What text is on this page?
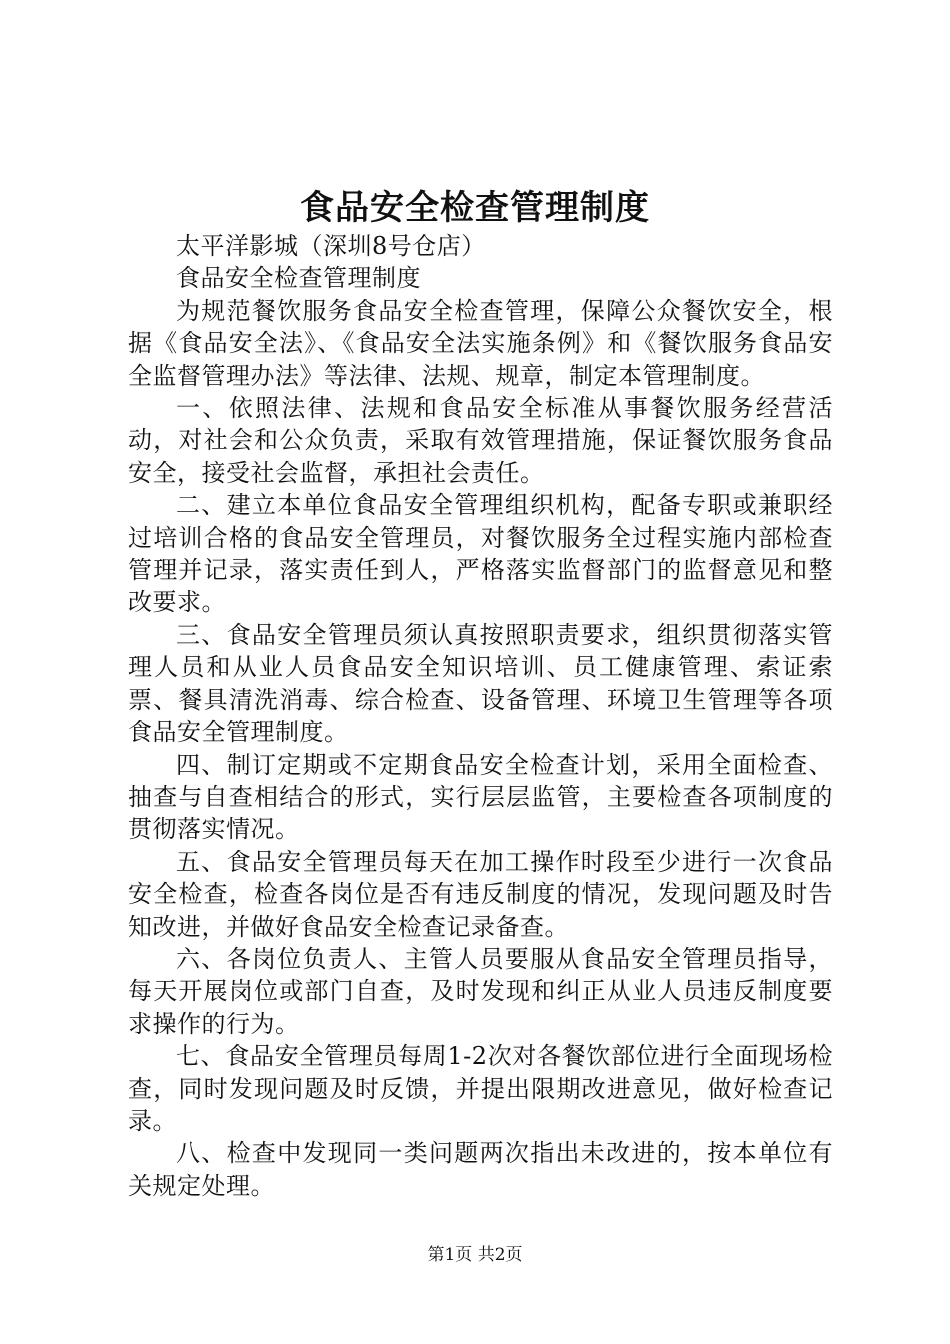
食品安全检查管理制度

太平洋影城（深圳8号仓店）

食品安全检查管理制度

为规范餐饮服务食品安全检查管理，保障公众餐饮安全，根据《食品安全法》、《食品安全法实施条例》和《餐饮服务食品安全监督管理办法》等法律、法规、规章，制定本管理制度。

一、依照法律、法规和食品安全标准从事餐饮服务经营活动，对社会和公众负责，采取有效管理措施，保证餐饮服务食品安全，接受社会监督，承担社会责任。

二、建立本单位食品安全管理组织机构，配备专职或兼职经过培训合格的食品安全管理员，对餐饮服务全过程实施内部检查管理并记录，落实责任到人，严格落实监督部门的监督意见和整改要求。

三、食品安全管理员须认真按照职责要求，组织贯彻落实管理人员和从业人员食品安全知识培训、员工健康管理、索证索票、餐具清洗消毒、综合检查、设备管理、环境卫生管理等各项食品安全管理制度。

四、制订定期或不定期食品安全检查计划，采用全面检查、抽查与自查相结合的形式，实行层层监管，主要检查各项制度的贯彻落实情况。

五、食品安全管理员每天在加工操作时段至少进行一次食品安全检查，检查各岗位是否有违反制度的情况，发现问题及时告知改进，并做好食品安全检查记录备查。

六、各岗位负责人、主管人员要服从食品安全管理员指导，每天开展岗位或部门自查，及时发现和纠正从业人员违反制度要求操作的行为。

七、食品安全管理员每周1-2次对各餐饮部位进行全面现场检查，同时发现问题及时反馈，并提出限期改进意见，做好检查记录。

八、检查中发现同一类问题两次指出未改进的，按本单位有关规定处理。

第1页 共2页
